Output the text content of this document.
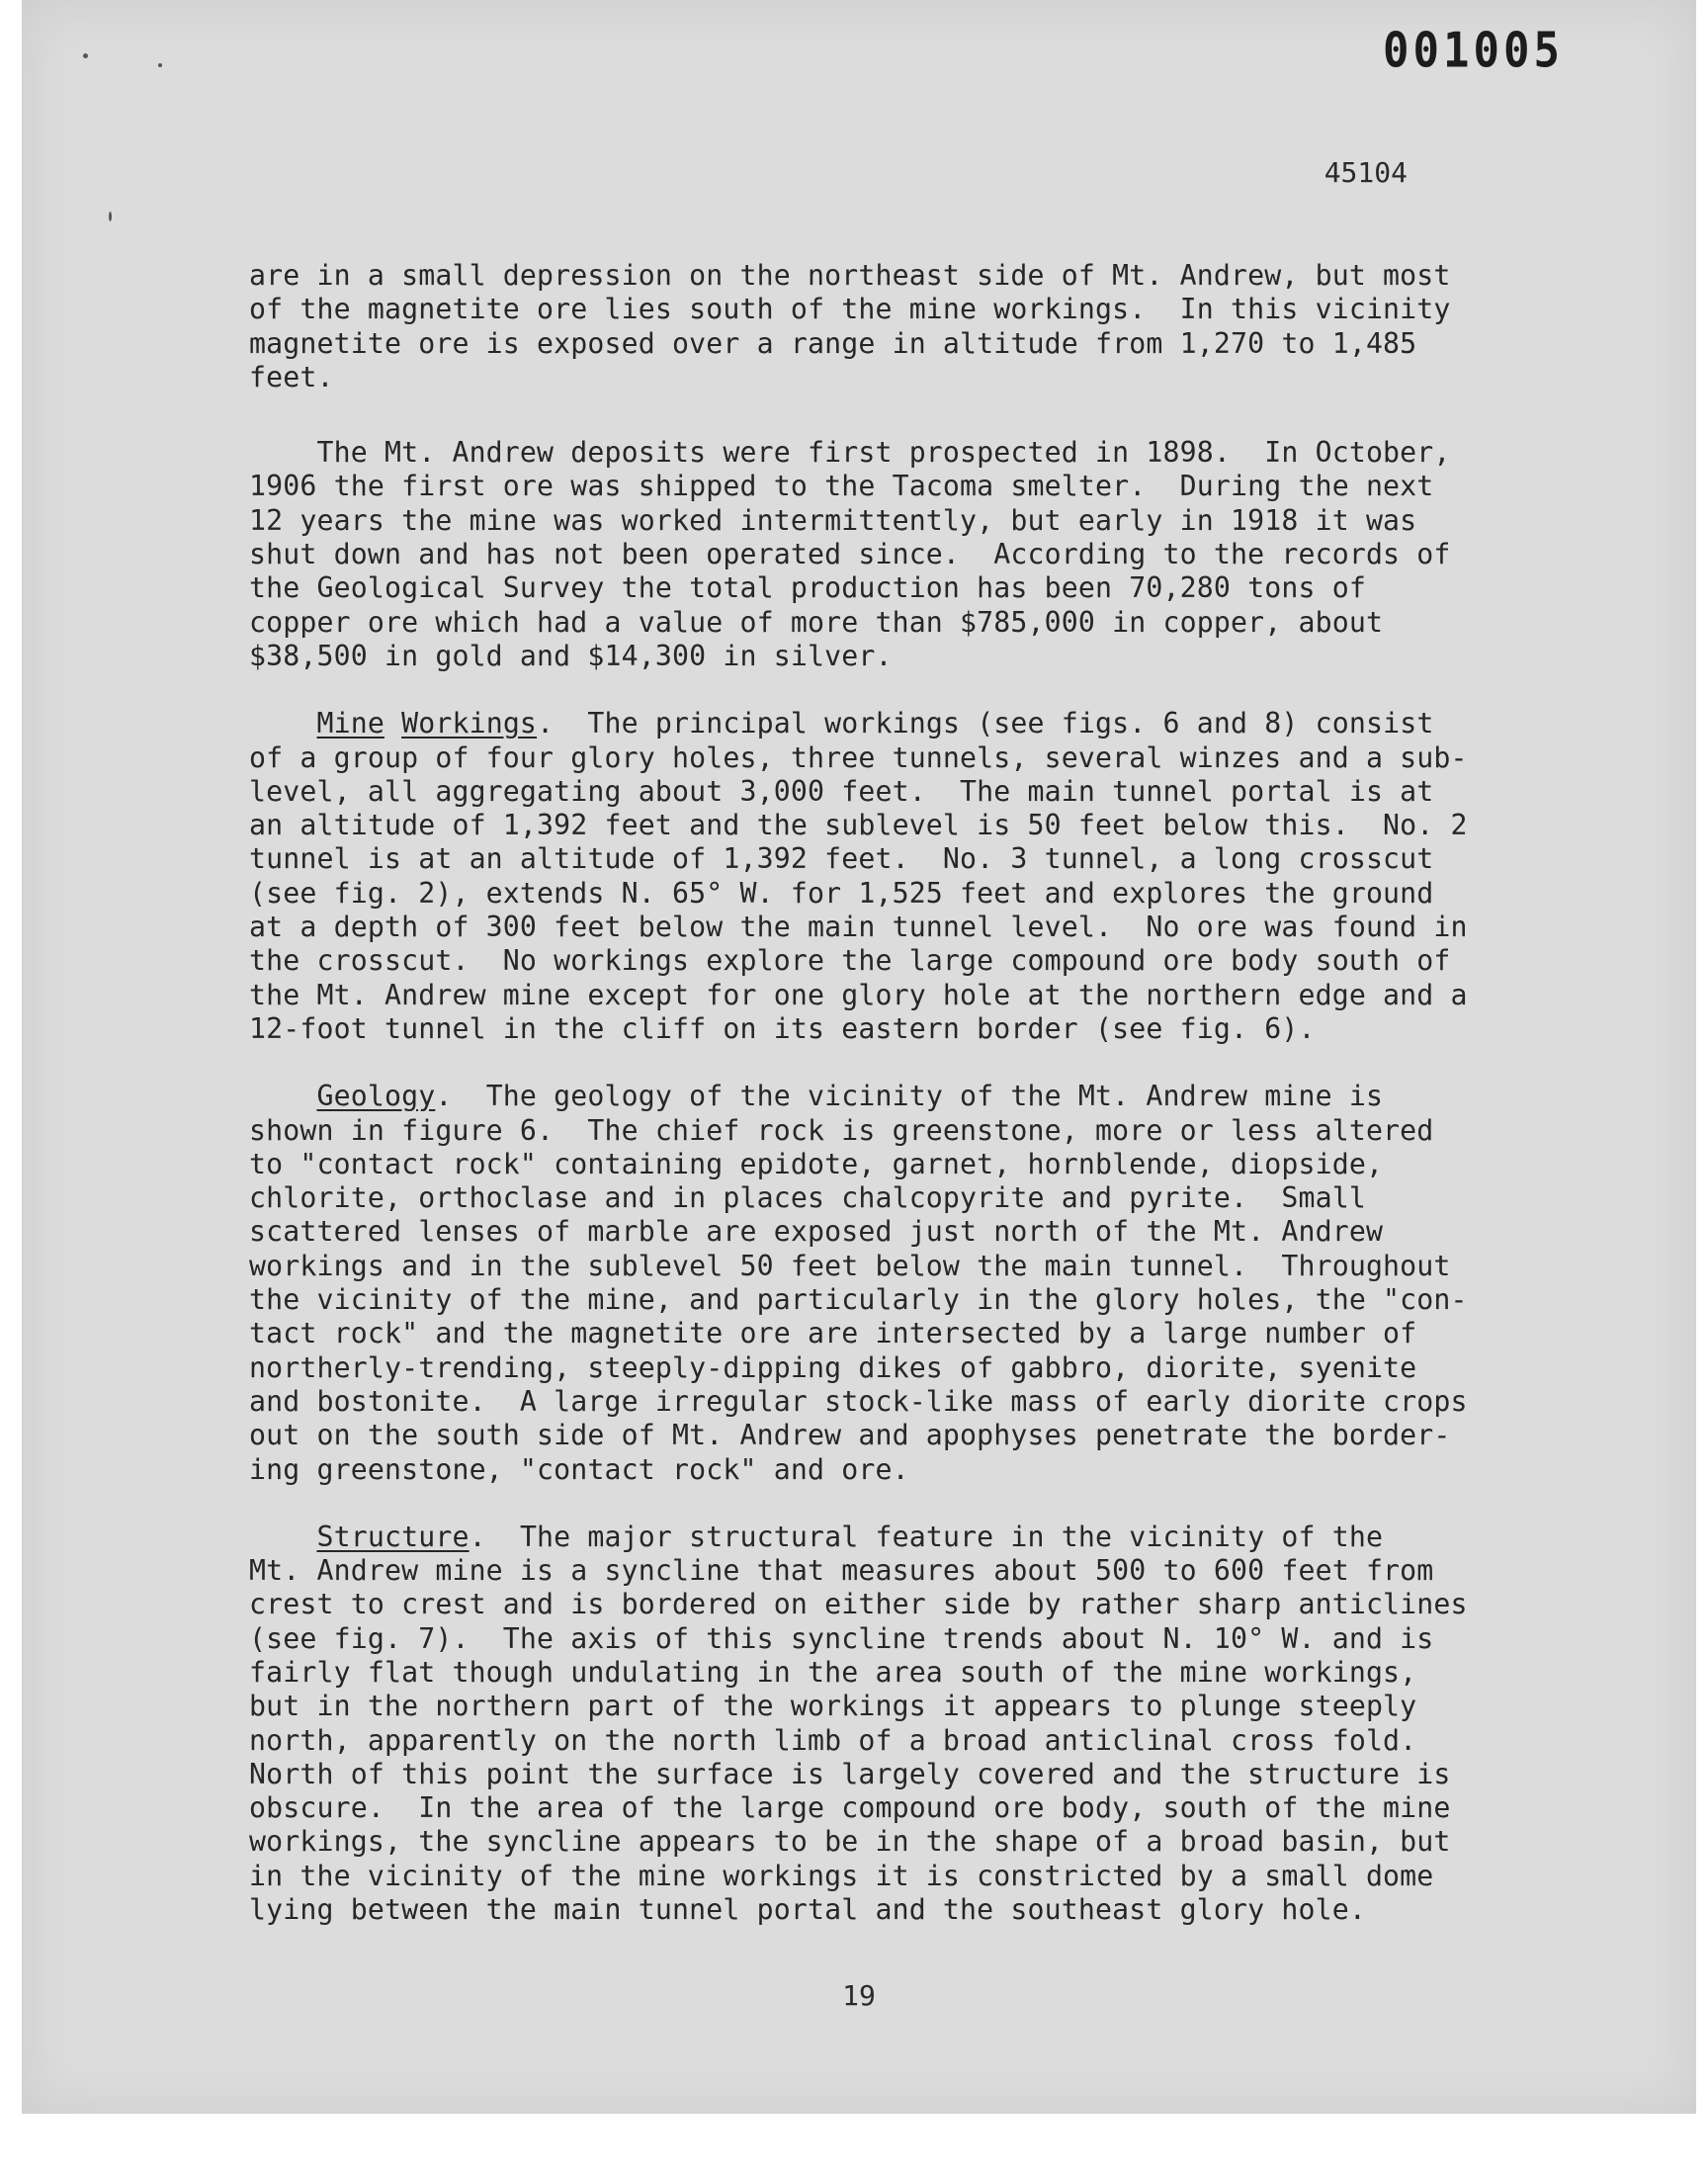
001005
45104

are in a small depression on the northeast side of Mt. Andrew, but most

of the magnetite ore lies south of the mine workings.  In this vicinity

magnetite ore is exposed over a range in altitude from 1,270 to 1,485

feet.

The Mt. Andrew deposits were first prospected in 1898.  In October,

1906 the first ore was shipped to the Tacoma smelter.  During the next

12 years the mine was worked intermittently, but early in 1918 it was

shut down and has not been operated since.  According to the records of

the Geological Survey the total production has been 70,280 tons of

copper ore which had a value of more than $785,000 in copper, about

$38,500 in gold and $14,300 in silver.

Mine Workings.  The principal workings (see figs. 6 and 8) consist

of a group of four glory holes, three tunnels, several winzes and a sub-

level, all aggregating about 3,000 feet.  The main tunnel portal is at

an altitude of 1,392 feet and the sublevel is 50 feet below this.  No. 2

tunnel is at an altitude of 1,392 feet.  No. 3 tunnel, a long crosscut

(see fig. 2), extends N. 65° W. for 1,525 feet and explores the ground

at a depth of 300 feet below the main tunnel level.  No ore was found in

the crosscut.  No workings explore the large compound ore body south of

the Mt. Andrew mine except for one glory hole at the northern edge and a

12-foot tunnel in the cliff on its eastern border (see fig. 6).

Geology.  The geology of the vicinity of the Mt. Andrew mine is

shown in figure 6.  The chief rock is greenstone, more or less altered

to "contact rock" containing epidote, garnet, hornblende, diopside,

chlorite, orthoclase and in places chalcopyrite and pyrite.  Small

scattered lenses of marble are exposed just north of the Mt. Andrew

workings and in the sublevel 50 feet below the main tunnel.  Throughout

the vicinity of the mine, and particularly in the glory holes, the "con-

tact rock" and the magnetite ore are intersected by a large number of

northerly-trending, steeply-dipping dikes of gabbro, diorite, syenite

and bostonite.  A large irregular stock-like mass of early diorite crops

out on the south side of Mt. Andrew and apophyses penetrate the border-

ing greenstone, "contact rock" and ore.

Structure.  The major structural feature in the vicinity of the

Mt. Andrew mine is a syncline that measures about 500 to 600 feet from

crest to crest and is bordered on either side by rather sharp anticlines

(see fig. 7).  The axis of this syncline trends about N. 10° W. and is

fairly flat though undulating in the area south of the mine workings,

but in the northern part of the workings it appears to plunge steeply

north, apparently on the north limb of a broad anticlinal cross fold.

North of this point the surface is largely covered and the structure is

obscure.  In the area of the large compound ore body, south of the mine

workings, the syncline appears to be in the shape of a broad basin, but

in the vicinity of the mine workings it is constricted by a small dome

lying between the main tunnel portal and the southeast glory hole.

19
